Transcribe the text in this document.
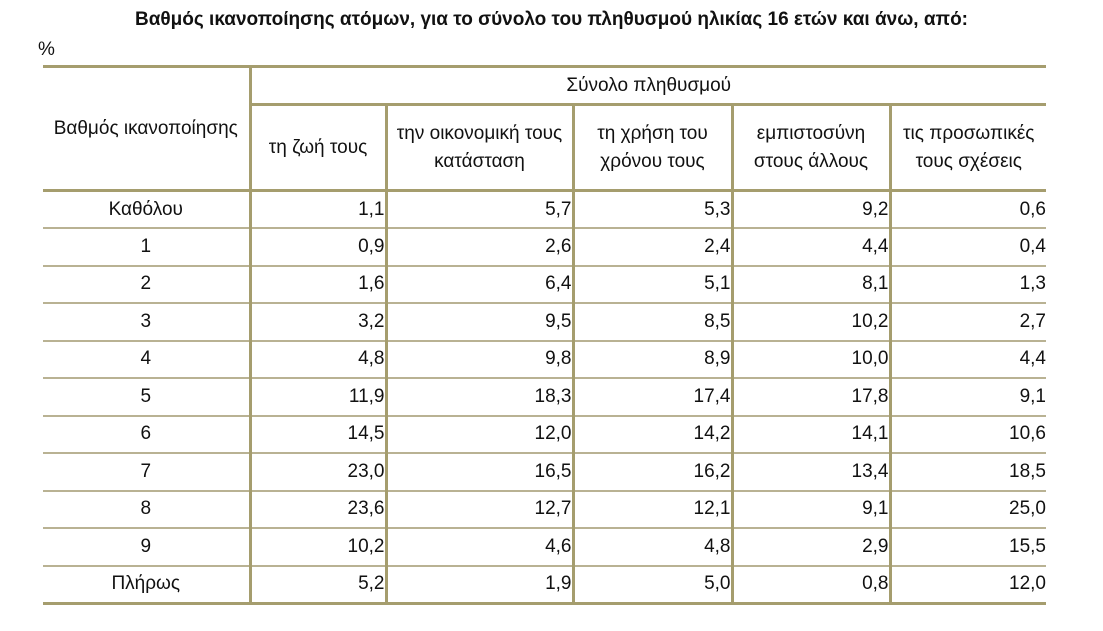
Βαθμός ικανοποίησης ατόμων, για το σύνολο του πληθυσμού ηλικίας 16 ετών και άνω, από:
%
Βαθμός ικανοποίησης	Σύνολο πληθυσμού				
	τη ζωή τους	την οικονομική τους κατάσταση	τη χρήση του χρόνου τους	εμπιστοσύνη στους άλλους	τις προσωπικές τους σχέσεις
Καθόλου	1,1	5,7	5,3	9,2	0,6
1	0,9	2,6	2,4	4,4	0,4
2	1,6	6,4	5,1	8,1	1,3
3	3,2	9,5	8,5	10,2	2,7
4	4,8	9,8	8,9	10,0	4,4
5	11,9	18,3	17,4	17,8	9,1
6	14,5	12,0	14,2	14,1	10,6
7	23,0	16,5	16,2	13,4	18,5
8	23,6	12,7	12,1	9,1	25,0
9	10,2	4,6	4,8	2,9	15,5
Πλήρως	5,2	1,9	5,0	0,8	12,0
